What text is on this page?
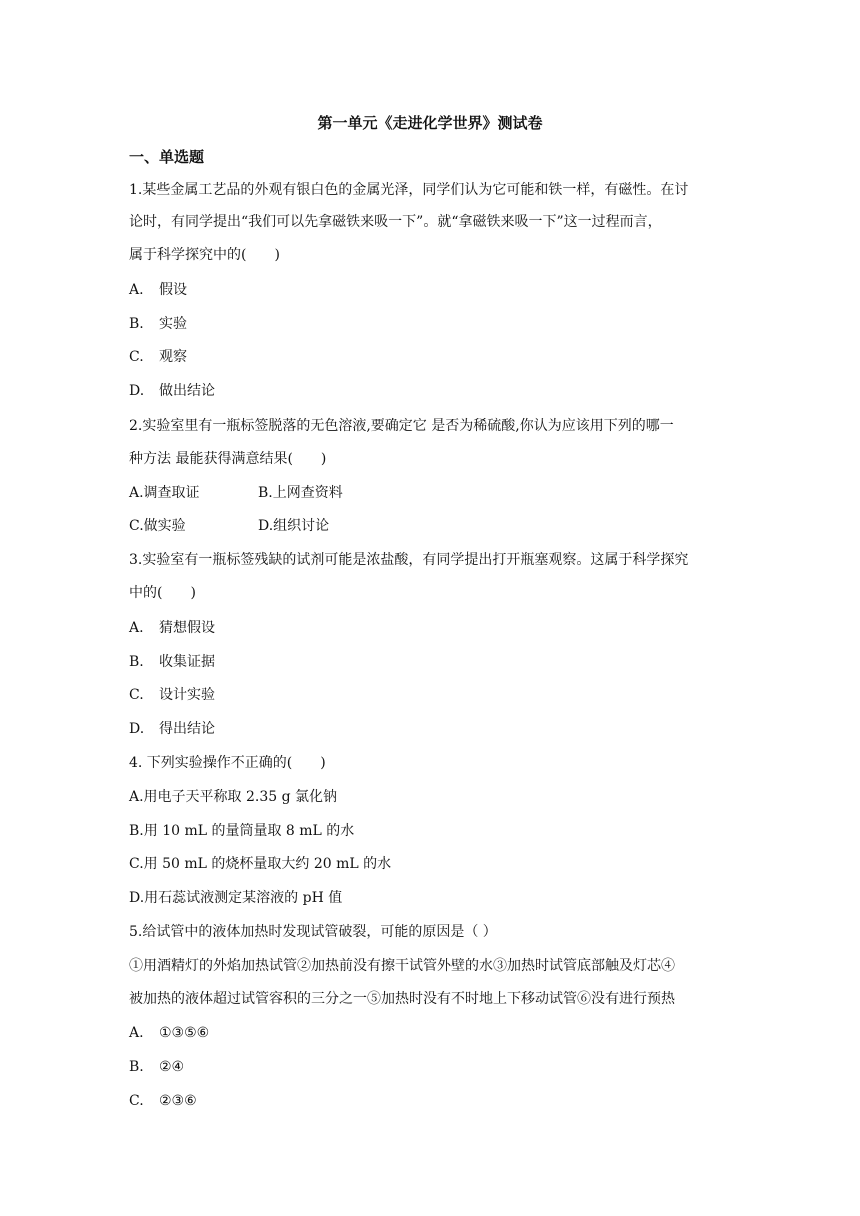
第一单元《走进化学世界》测试卷
一、单选题
1.某些金属工艺品的外观有银白色的金属光泽，同学们认为它可能和铁一样，有磁性。在讨
论时，有同学提出“我们可以先拿磁铁来吸一下”。就“拿磁铁来吸一下”这一过程而言，
属于科学探究中的(　　)
A. 假设
B. 实验
C. 观察
D. 做出结论
2.实验室里有一瓶标签脱落的无色溶液,要确定它 是否为稀硫酸,你认为应该用下列的哪一
种方法 最能获得满意结果(　　)
A.调查取证	B.上网查资料
C.做实验	D.组织讨论
3.实验室有一瓶标签残缺的试剂可能是浓盐酸，有同学提出打开瓶塞观察。这属于科学探究
中的(　　)
A. 猜想假设
B. 收集证据
C. 设计实验
D. 得出结论
4. 下列实验操作不正确的(　　)
A.用电子天平称取 2.35 g 氯化钠
B.用 10 mL 的量筒量取 8 mL 的水
C.用 50 mL 的烧杯量取大约 20 mL 的水
D.用石蕊试液测定某溶液的 pH 值
5.给试管中的液体加热时发现试管破裂，可能的原因是（ ）
①用酒精灯的外焰加热试管②加热前没有擦干试管外壁的水③加热时试管底部触及灯芯④
被加热的液体超过试管容积的三分之一⑤加热时没有不时地上下移动试管⑥没有进行预热
A. ①③⑤⑥
B. ②④
C. ②③⑥
